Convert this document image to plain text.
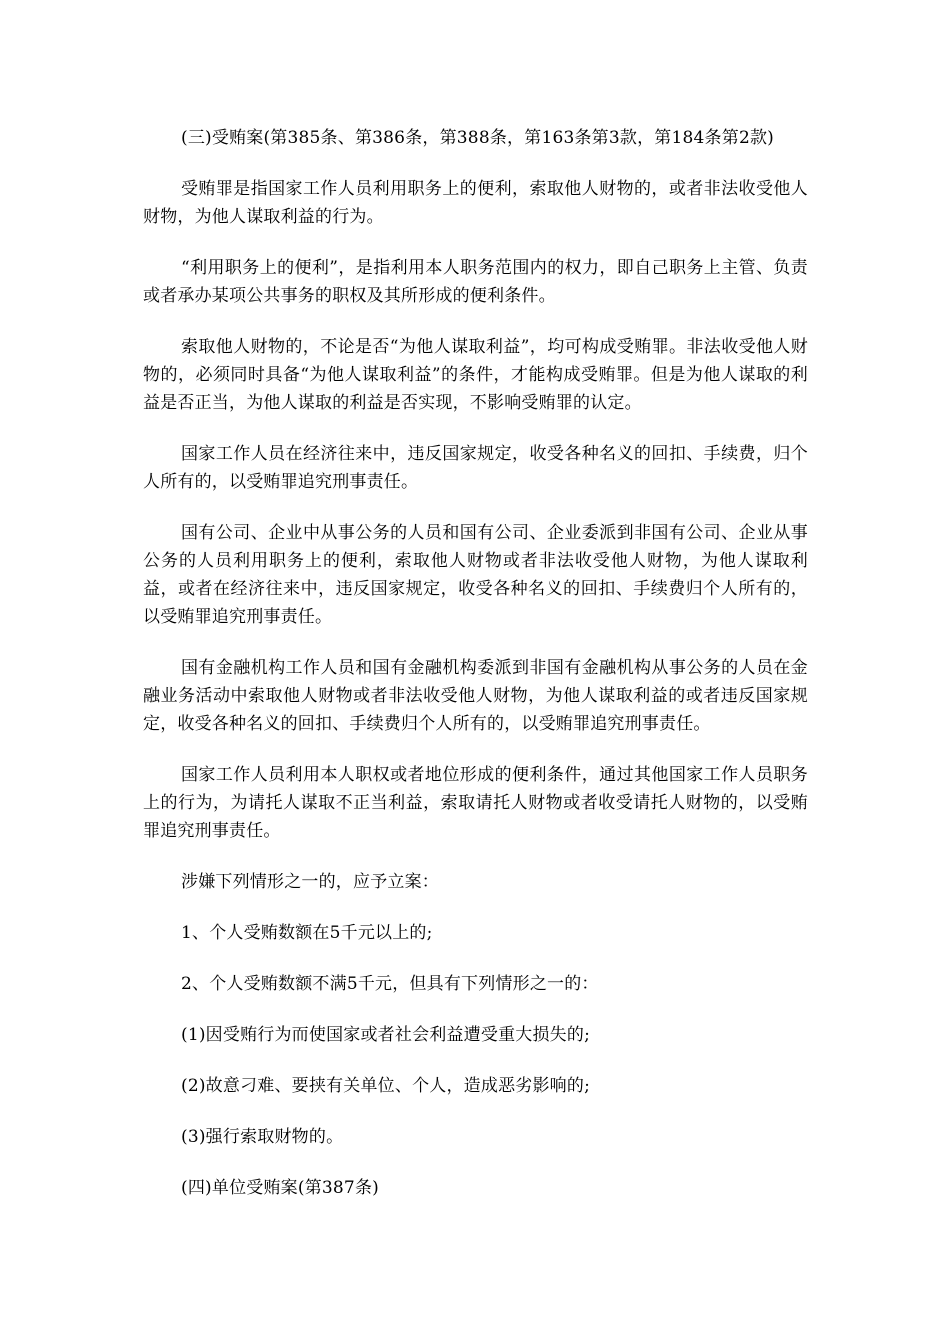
(三)受贿案(第385条、第386条，第388条，第163条第3款，第184条第2款)

受贿罪是指国家工作人员利用职务上的便利，索取他人财物的，或者非法收受他人财物，为他人谋取利益的行为。

“利用职务上的便利”，是指利用本人职务范围内的权力，即自己职务上主管、负责或者承办某项公共事务的职权及其所形成的便利条件。

索取他人财物的，不论是否“为他人谋取利益”，均可构成受贿罪。非法收受他人财物的，必须同时具备“为他人谋取利益”的条件，才能构成受贿罪。但是为他人谋取的利益是否正当，为他人谋取的利益是否实现，不影响受贿罪的认定。

国家工作人员在经济往来中，违反国家规定，收受各种名义的回扣、手续费，归个人所有的，以受贿罪追究刑事责任。

国有公司、企业中从事公务的人员和国有公司、企业委派到非国有公司、企业从事公务的人员利用职务上的便利，索取他人财物或者非法收受他人财物，为他人谋取利益，或者在经济往来中，违反国家规定，收受各种名义的回扣、手续费归个人所有的，以受贿罪追究刑事责任。

国有金融机构工作人员和国有金融机构委派到非国有金融机构从事公务的人员在金融业务活动中索取他人财物或者非法收受他人财物，为他人谋取利益的或者违反国家规定，收受各种名义的回扣、手续费归个人所有的，以受贿罪追究刑事责任。

国家工作人员利用本人职权或者地位形成的便利条件，通过其他国家工作人员职务上的行为，为请托人谋取不正当利益，索取请托人财物或者收受请托人财物的，以受贿罪追究刑事责任。

涉嫌下列情形之一的，应予立案：

1、个人受贿数额在5千元以上的;

2、个人受贿数额不满5千元，但具有下列情形之一的：

(1)因受贿行为而使国家或者社会利益遭受重大损失的;

(2)故意刁难、要挟有关单位、个人，造成恶劣影响的;

(3)强行索取财物的。

(四)单位受贿案(第387条)
